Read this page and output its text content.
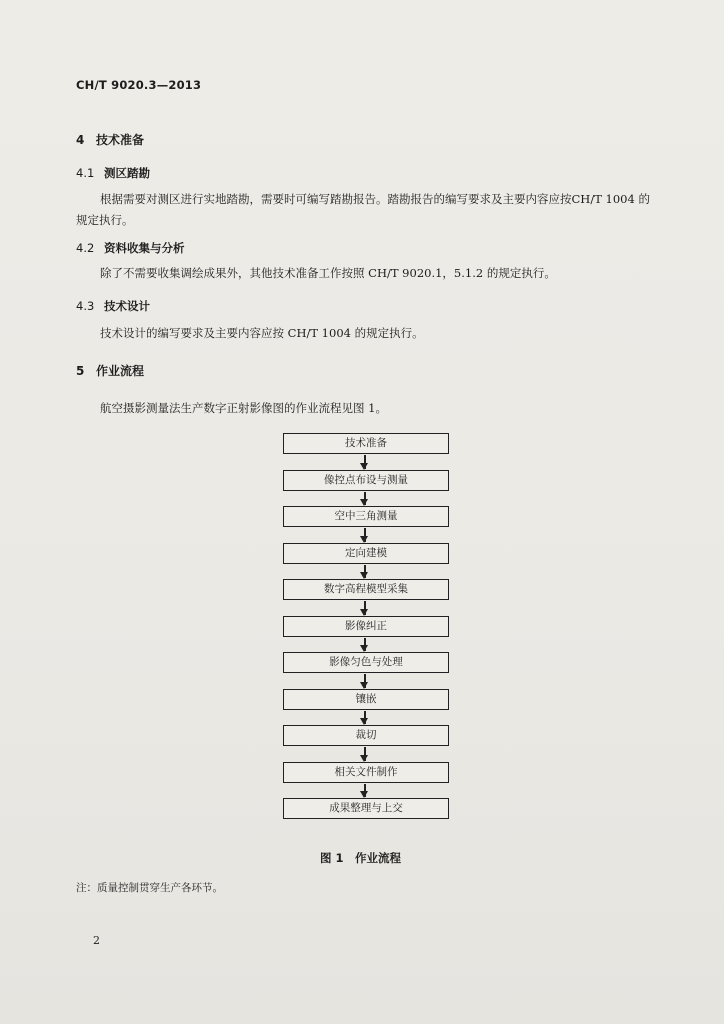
CH/T 9020.3—2013
4 技术准备
4.1 测区踏勘
根据需要对测区进行实地踏勘，需要时可编写踏勘报告。踏勘报告的编写要求及主要内容应按CH/T 1004 的规定执行。
4.2 资料收集与分析
除了不需要收集调绘成果外，其他技术准备工作按照 CH/T 9020.1，5.1.2 的规定执行。
4.3 技术设计
技术设计的编写要求及主要内容应按 CH/T 1004 的规定执行。
5 作业流程
航空摄影测量法生产数字正射影像图的作业流程见图 1。
技术准备
像控点布设与测量
空中三角测量
定向建模
数字高程模型采集
影像纠正
影像匀色与处理
镶嵌
裁切
相关文件制作
成果整理与上交
图 1　作业流程
注：质量控制贯穿生产各环节。
2
